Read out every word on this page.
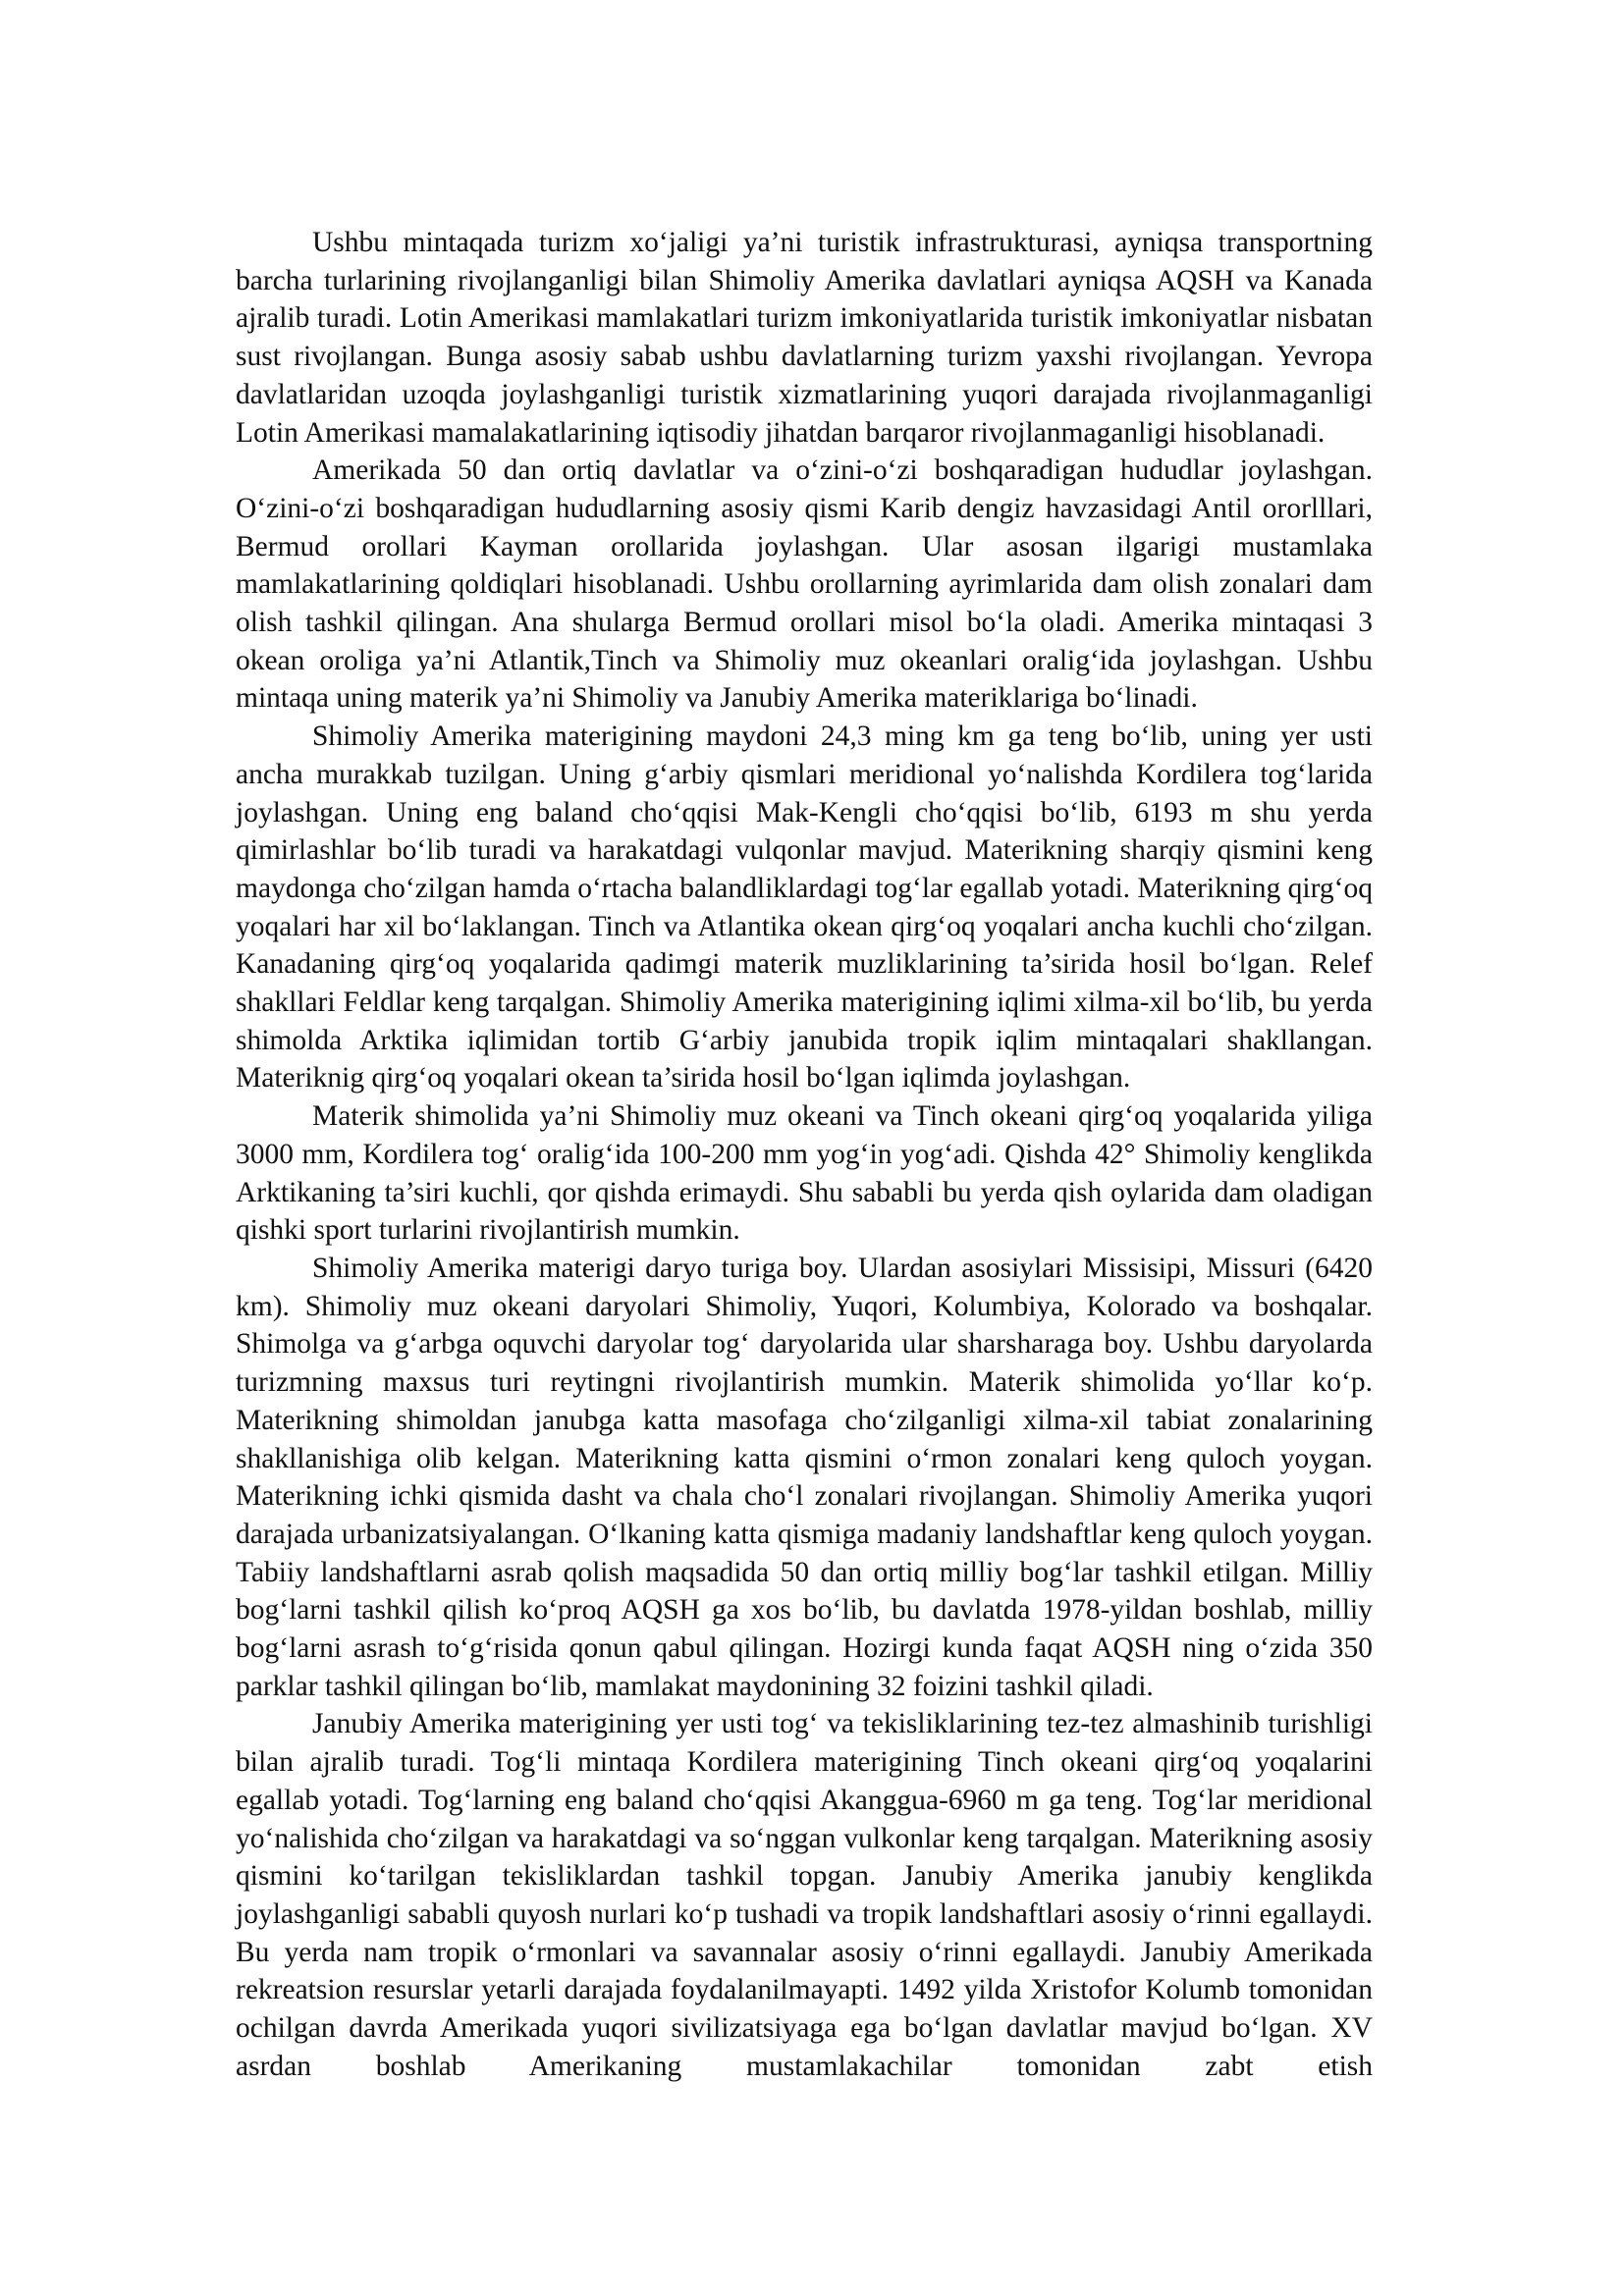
Ushbu mintaqada turizm xo‘jaligi ya’ni turistik infrastrukturasi, ayniqsa transportning barcha turlarining rivojlanganligi bilan Shimoliy Amerika davlatlari ayniqsa AQSH va Kanada ajralib turadi. Lotin Amerikasi mamlakatlari turizm imkoniyatlarida turistik imkoniyatlar nisbatan sust rivojlangan. Bunga asosiy sabab ushbu davlatlarning turizm yaxshi rivojlangan. Yevropa davlatlaridan uzoqda joylashganligi turistik xizmatlarining yuqori darajada rivojlanmaganligi Lotin Amerikasi mamalakatlarining iqtisodiy jihatdan barqaror rivojlanmaganligi hisoblanadi.

Amerikada 50 dan ortiq davlatlar va o‘zini-o‘zi boshqaradigan hududlar joylashgan. O‘zini-o‘zi boshqaradigan hududlarning asosiy qismi Karib dengiz havzasidagi Antil ororlllari, Bermud orollari Kayman orollarida joylashgan. Ular asosan ilgarigi mustamlaka mamlakatlarining qoldiqlari hisoblanadi. Ushbu orollarning ayrimlarida dam olish zonalari dam olish tashkil qilingan. Ana shularga Bermud orollari misol bo‘la oladi. Amerika mintaqasi 3 okean oroliga ya’ni Atlantik,Tinch va Shimoliy muz okeanlari oralig‘ida joylashgan. Ushbu mintaqa uning materik ya’ni Shimoliy va Janubiy Amerika materiklariga bo‘linadi.

Shimoliy Amerika materigining maydoni 24,3 ming km ga teng bo‘lib, uning yer usti ancha murakkab tuzilgan. Uning g‘arbiy qismlari meridional yo‘nalishda Kordilera tog‘larida joylashgan. Uning eng baland cho‘qqisi Mak-Kengli cho‘qqisi bo‘lib, 6193 m shu yerda qimirlashlar bo‘lib turadi va harakatdagi vulqonlar mavjud. Materikning sharqiy qismini keng maydonga cho‘zilgan hamda o‘rtacha balandliklardagi tog‘lar egallab yotadi. Materikning qirg‘oq yoqalari har xil bo‘laklangan. Tinch va Atlantika okean qirg‘oq yoqalari ancha kuchli cho‘zilgan. Kanadaning qirg‘oq yoqalarida qadimgi materik muzliklarining ta’sirida hosil bo‘lgan. Relef shakllari Feldlar keng tarqalgan. Shimoliy Amerika materigining iqlimi xilma-xil bo‘lib, bu yerda shimolda Arktika iqlimidan tortib G‘arbiy janubida tropik iqlim mintaqalari shakllangan. Materiknig qirg‘oq yoqalari okean ta’sirida hosil bo‘lgan iqlimda joylashgan.

Materik shimolida ya’ni Shimoliy muz okeani va Tinch okeani qirg‘oq yoqalarida yiliga 3000 mm, Kordilera tog‘ oralig‘ida 100-200 mm yog‘in yog‘adi. Qishda 42° Shimoliy kenglikda Arktikaning ta’siri kuchli, qor qishda erimaydi. Shu sababli bu yerda qish oylarida dam oladigan qishki sport turlarini rivojlantirish mumkin.

Shimoliy Amerika materigi daryo turiga boy. Ulardan asosiylari Missisipi, Missuri (6420 km). Shimoliy muz okeani daryolari Shimoliy, Yuqori, Kolumbiya, Kolorado va boshqalar. Shimolga va g‘arbga oquvchi daryolar tog‘ daryolarida ular sharsharaga boy. Ushbu daryolarda turizmning maxsus turi reytingni rivojlantirish mumkin. Materik shimolida yo‘llar ko‘p. Materikning shimoldan janubga katta masofaga cho‘zilganligi xilma-xil tabiat zonalarining shakllanishiga olib kelgan. Materikning katta qismini o‘rmon zonalari keng quloch yoygan. Materikning ichki qismida dasht va chala cho‘l zonalari rivojlangan. Shimoliy Amerika yuqori darajada urbanizatsiyalangan. O‘lkaning katta qismiga madaniy landshaftlar keng quloch yoygan. Tabiiy landshaftlarni asrab qolish maqsadida 50 dan ortiq milliy bog‘lar tashkil etilgan. Milliy bog‘larni tashkil qilish ko‘proq AQSH ga xos bo‘lib, bu davlatda 1978-yildan boshlab, milliy bog‘larni asrash to‘g‘risida qonun qabul qilingan. Hozirgi kunda faqat AQSH ning o‘zida 350 parklar tashkil qilingan bo‘lib, mamlakat maydonining 32 foizini tashkil qiladi.

Janubiy Amerika materigining yer usti tog‘ va tekisliklarining tez-tez almashinib turishligi bilan ajralib turadi. Tog‘li mintaqa Kordilera materigining Tinch okeani qirg‘oq yoqalarini egallab yotadi. Tog‘larning eng baland cho‘qqisi Akanggua-6960 m ga teng. Tog‘lar meridional yo‘nalishida cho‘zilgan va harakatdagi va so‘nggan vulkonlar keng tarqalgan. Materikning asosiy qismini ko‘tarilgan tekisliklardan tashkil topgan. Janubiy Amerika janubiy kenglikda joylashganligi sababli quyosh nurlari ko‘p tushadi va tropik landshaftlari asosiy o‘rinni egallaydi. Bu yerda nam tropik o‘rmonlari va savannalar asosiy o‘rinni egallaydi. Janubiy Amerikada rekreatsion resurslar yetarli darajada foydalanilmayapti. 1492 yilda Xristofor Kolumb tomonidan ochilgan davrda Amerikada yuqori sivilizatsiyaga ega bo‘lgan davlatlar mavjud bo‘lgan. XV asrdan boshlab Amerikaning mustamlakachilar tomonidan zabt etish
